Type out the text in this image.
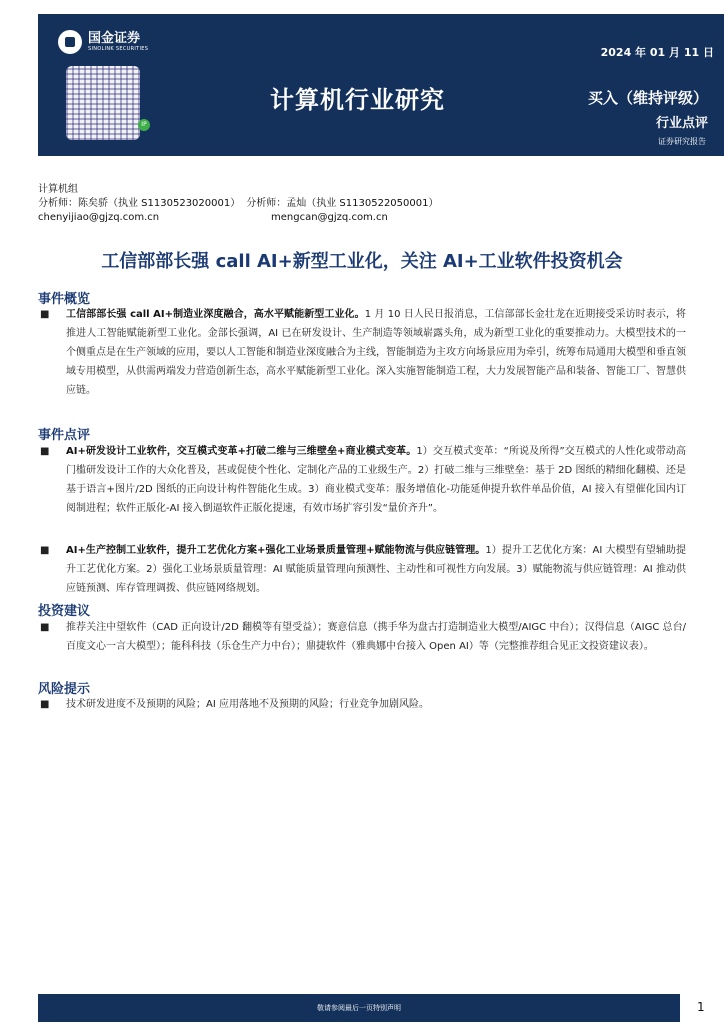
国金证券
SINOLINK SECURITIES
IP
2024 年 01 月 11 日
计算机行业研究	买入（维持评级）
行业点评
证券研究报告
计算机组
分析师：陈矣骄（执业 S1130523020001） 分析师：孟灿（执业 S1130522050001）
chenyijiao@gjzq.com.cn	mengcan@gjzq.com.cn
工信部部长强 call AI+新型工业化，关注 AI+工业软件投资机会
事件概览
■ 工信部部长强 call AI+制造业深度融合，高水平赋能新型工业化。1 月 10 日人民日报消息，工信部部长金壮龙在近期接受采访时表示，将推进人工智能赋能新型工业化。金部长强调，AI 已在研发设计、生产制造等领域崭露头角，成为新型工业化的重要推动力。大模型技术的一个侧重点是在生产领域的应用，要以人工智能和制造业深度融合为主线，智能制造为主攻方向场景应用为牵引，统筹布局通用大模型和垂直领域专用模型，从供需两端发力营造创新生态，高水平赋能新型工业化。深入实施智能制造工程，大力发展智能产品和装备、智能工厂、智慧供应链。
事件点评
■ AI+研发设计工业软件，交互模式变革+打破二维与三维壁垒+商业模式变革。1）交互模式变革：“所说及所得”交互模式的人性化或带动高门槛研发设计工作的大众化普及，甚或促使个性化、定制化产品的工业级生产。2）打破二维与三维壁垒：基于 2D 图纸的精细化翻模、还是基于语言+图片/2D 图纸的正向设计构件智能化生成。3）商业模式变革：服务增值化-功能延伸提升软件单品价值，AI 接入有望催化国内订阅制进程；软件正版化-AI 接入倒逼软件正版化提速，有效市场扩容引发“量价齐升”。
■ AI+生产控制工业软件，提升工艺优化方案+强化工业场景质量管理+赋能物流与供应链管理。1）提升工艺优化方案：AI 大模型有望辅助提升工艺优化方案。2）强化工业场景质量管理：AI 赋能质量管理向预测性、主动性和可视性方向发展。3）赋能物流与供应链管理：AI 推动供应链预测、库存管理调拨、供应链网络规划。
投资建议
■ 推荐关注中望软件（CAD 正向设计/2D 翻模等有望受益）；赛意信息（携手华为盘古打造制造业大模型/AIGC 中台）；汉得信息（AIGC 总台/百度文心一言大模型）；能科科技（乐仓生产力中台）；鼎捷软件（雅典娜中台接入 Open AI）等（完整推荐组合见正文投资建议表）。
风险提示
■ 技术研发进度不及预期的风险；AI 应用落地不及预期的风险；行业竞争加剧风险。
敬请参阅最后一页特别声明	1
